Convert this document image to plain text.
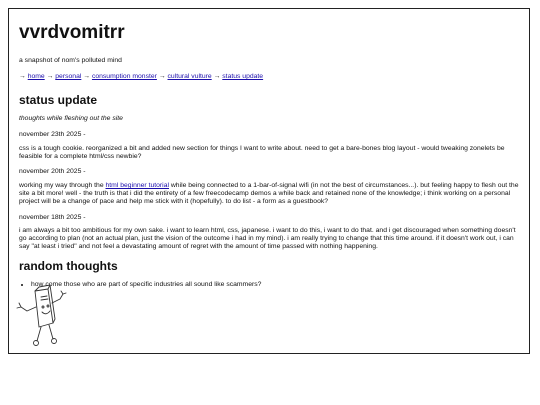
vvrdvomitrr
a snapshot of nom's polluted mind
→ home → personal → consumption monster → cultural vulture → status update
status update
thoughts while fleshing out the site
november 23th 2025 -
css is a tough cookie. reorganized a bit and added new section for things I want to write about. need to get a bare-bones blog layout - would tweaking zonelets be feasible for a complete html/css newbie?
november 20th 2025 -
working my way through the html beginner tutorial while being connected to a 1-bar-of-signal wifi (in not the best of circumstances...). but feeling happy to flesh out the site a bit more! well - the truth is that i did the entirety of a few freecodecamp demos a while back and retained none of the knowledge; i think working on a personal project will be a change of pace and help me stick with it (hopefully). to do list - a form as a guestbook?
november 18th 2025 -
i am always a bit too ambitious for my own sake. i want to learn html, css, japanese. i want to do this, i want to do that. and i get discouraged when something doesn't go according to plan (not an actual plan, just the vision of the outcome i had in my mind). i am really trying to change that this time around. if it doesn't work out, i can say "at least i tried" and not feel a devastating amount of regret with the amount of time passed with nothing happening.
random thoughts
• how come those who are part of specific industries all sound like scammers?
